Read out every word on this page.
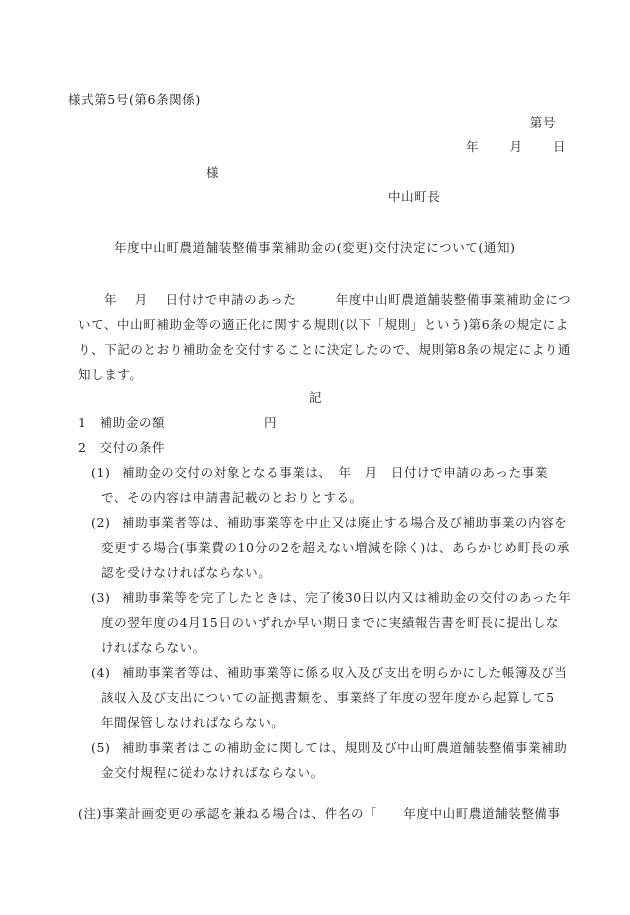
様式第5号(第6条関係)
第号
年　　月　　日
様
中山町長
年度中山町農道舗装整備事業補助金の(変更)交付決定について(通知)
年　 月　 日付けで申請のあった　　　年度中山町農道舗装整備事業補助金につ
いて、中山町補助金等の適正化に関する規則(以下「規則」という)第6条の規定によ
り、下記のとおり補助金を交付することに決定したので、規則第8条の規定により通
知します。
記
1　補助金の額	円
2　交付の条件
(1) 補助金の交付の対象となる事業は、　年　月　日付けで申請のあった事業
で、その内容は申請書記載のとおりとする。
(2) 補助事業者等は、補助事業等を中止又は廃止する場合及び補助事業の内容を
変更する場合(事業費の10分の2を超えない増減を除く)は、あらかじめ町長の承
認を受けなければならない。
(3) 補助事業等を完了したときは、完了後30日以内又は補助金の交付のあった年
度の翌年度の4月15日のいずれか早い期日までに実績報告書を町長に提出しな
ければならない。
(4) 補助事業者等は、補助事業等に係る収入及び支出を明らかにした帳簿及び当
該収入及び支出についての証拠書類を、事業終了年度の翌年度から起算して5
年間保管しなければならない。
(5) 補助事業者はこの補助金に関しては、規則及び中山町農道舗装整備事業補助
金交付規程に従わなければならない。
(注)事業計画変更の承認を兼ねる場合は、件名の「　　年度中山町農道舗装整備事
